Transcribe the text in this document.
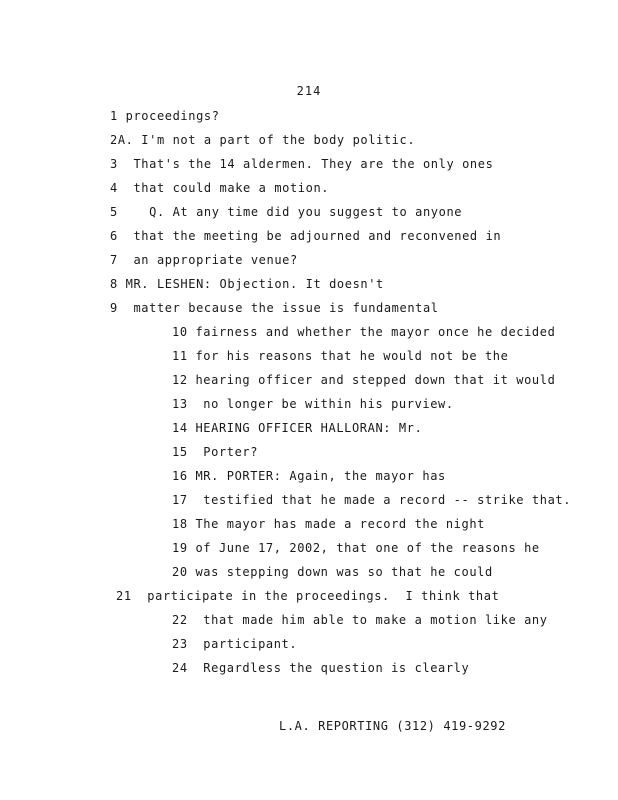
214
1 proceedings?
2A. I'm not a part of the body politic.
3  That's the 14 aldermen. They are the only ones
4  that could make a motion.
5    Q. At any time did you suggest to anyone
6  that the meeting be adjourned and reconvened in
7  an appropriate venue?
8 MR. LESHEN: Objection. It doesn't
9  matter because the issue is fundamental
10 fairness and whether the mayor once he decided
11 for his reasons that he would not be the
12 hearing officer and stepped down that it would
13  no longer be within his purview.
14 HEARING OFFICER HALLORAN: Mr.
15  Porter?
16 MR. PORTER: Again, the mayor has
17  testified that he made a record -- strike that.
18 The mayor has made a record the night
19 of June 17, 2002, that one of the reasons he
20 was stepping down was so that he could
21  participate in the proceedings.  I think that
22  that made him able to make a motion like any
23  participant.
24  Regardless the question is clearly
L.A. REPORTING (312) 419-9292
